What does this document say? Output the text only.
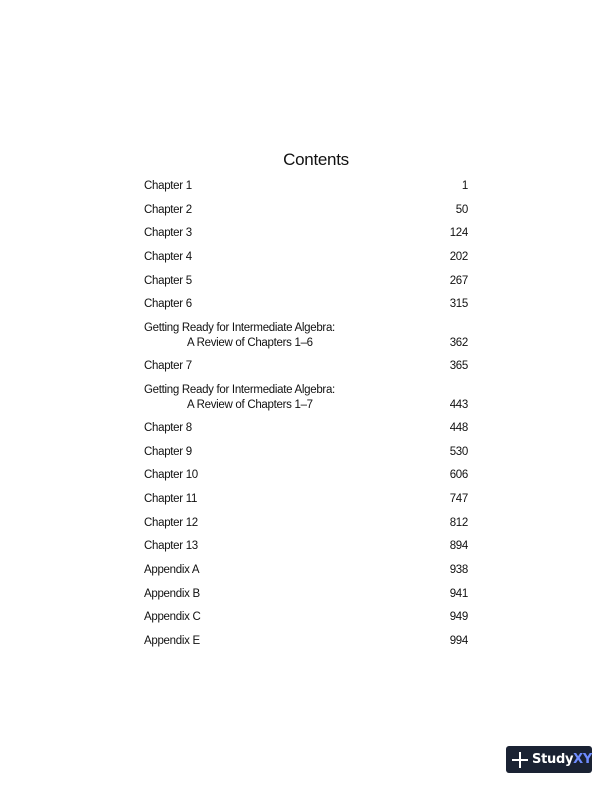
Contents
Chapter 1	1
Chapter 2	50
Chapter 3	124
Chapter 4	202
Chapter 5	267
Chapter 6	315
Getting Ready for Intermediate Algebra:
A Review of Chapters 1–6	362
Chapter 7	365
Getting Ready for Intermediate Algebra:
A Review of Chapters 1–7	443
Chapter 8	448
Chapter 9	530
Chapter 10	606
Chapter 11	747
Chapter 12	812
Chapter 13	894
Appendix A	938
Appendix B	941
Appendix C	949
Appendix E	994
StudyXY
